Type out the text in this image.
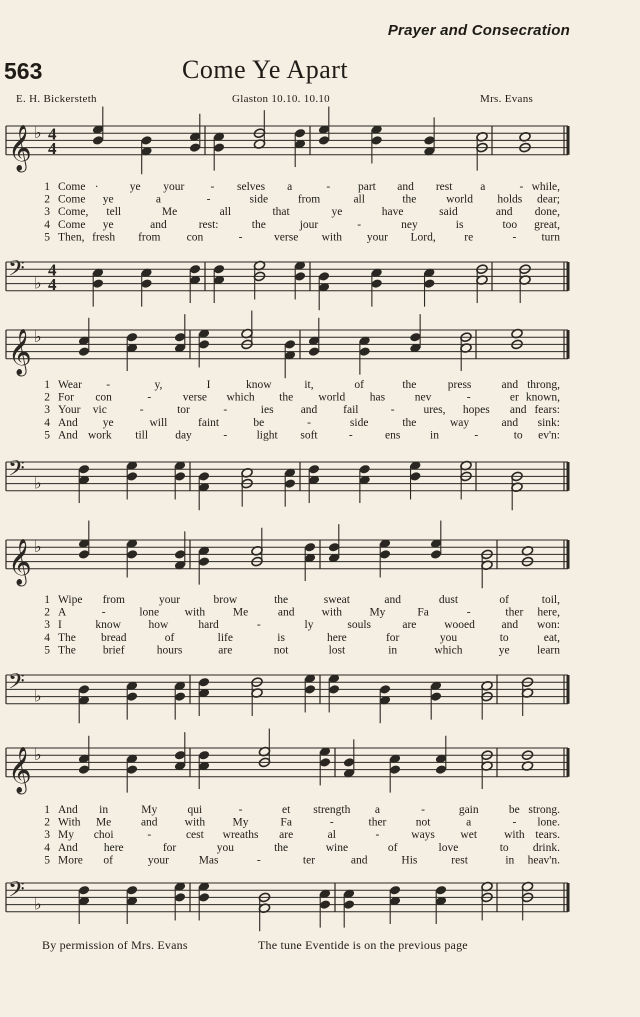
Prayer and Consecration
563	Come Ye Apart
E. H. Bickersteth	Glaston 10.10. 10.10	Mrs. Evans
𝄞 ♭ 4
4
𝄢 ♭
4
4
1 Come ·	ye your - selves a	- part and rest a	- while,
2 Come ye	a	-	side	from	all	the	world holds dear;
3 Come, tell	Me	all	that	ye	have	said	and done,
4 Come ye	and	rest:	the	jour	-	ney	is	too great,
5 Then, fresh from con	-	verse with your Lord, re	- turn
𝄞 ♭
𝄢 ♭
1 Wear -	y,	I	know	it,	of	the	press	and throng,
2 For con	-	verse which the world has	nev	-	er known,
3 Your vic	-	tor	-	ies and fail	-	ures, hopes and fears:
4 And ye	will	faint	be	-	side	the	way	and sink:
5 And work till day	-	light soft	-	ens	in	-	to ev'n:
𝄞 ♭
𝄢 ♭
1 Wipe from	your	brow	the	sweat	and	dust	of	toil,
2 A	-	lone with Me	and with My	Fa	-	ther here,
3 I	know how	hard	-	ly	souls	are wooed and won:
4 The bread	of	life	is	here	for	you	to	eat,
5 The brief	hours	are	not	lost	in	which	ye learn
𝄞 ♭
𝄢 ♭
1 And in	My	qui	-	et strength a	-	gain	be strong.
2 With Me	and with My	Fa	-	ther	not	a	- lone.
3 My choi	-	cest wreaths are	al	-	ways wet with tears.
4 And here	for	you	the	wine	of	love	to drink.
5 More of	your	Mas	-	ter	and	His	rest	in heav'n.
By permission of Mrs. Evans	The tune Eventide is on the previous page
